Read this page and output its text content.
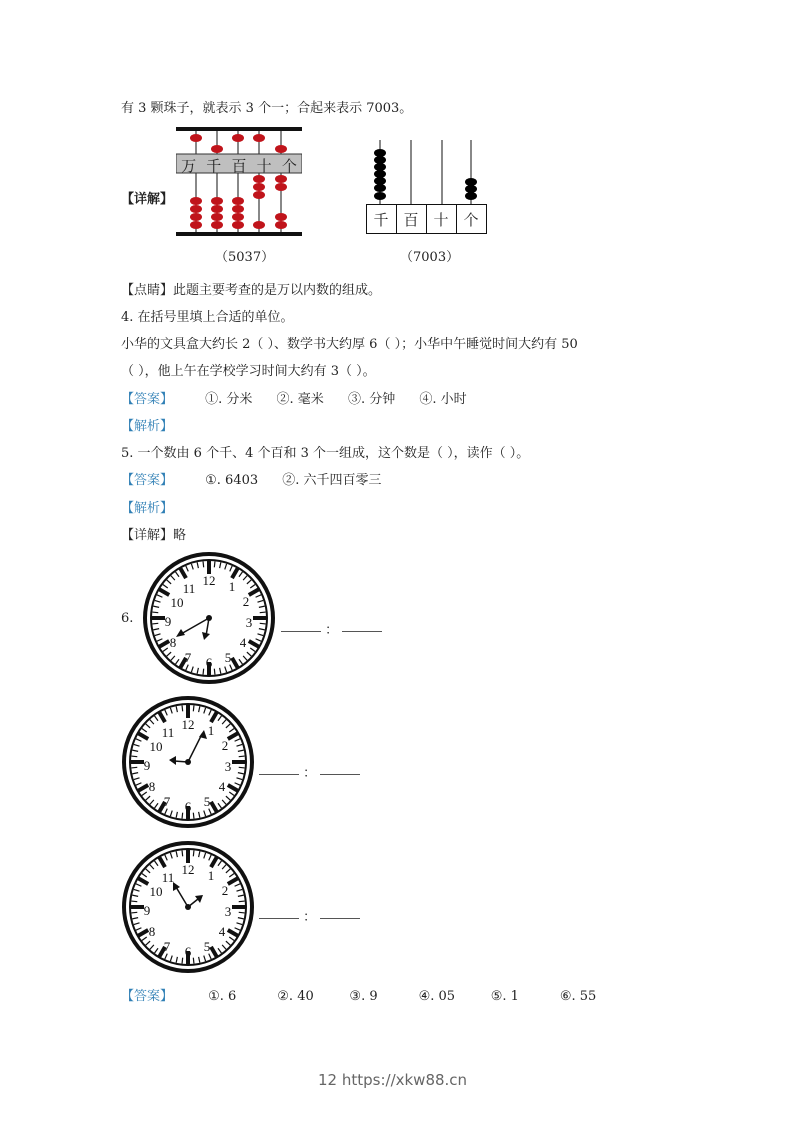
有 3 颗珠子，就表示 3 个一；合起来表示 7003。
【详解】
万 千 百 十 个
（5037）
千 百 十 个
（7003）
【点睛】此题主要考查的是万以内数的组成。
4. 在括号里填上合适的单位。
小华的文具盒大约长 2（ ）、数学书大约厚 6（ ）；小华中午睡觉时间大约有 50
（ ），他上午在学校学习时间大约有 3（ ）。
【答案】 ①. 分米 ②. 毫米 ③. 分钟 ④. 小时
【解析】
5. 一个数由 6 个千、4 个百和 3 个一组成，这个数是（ ），读作（ ）。
【答案】 ①. 6403 ②. 六千四百零三
【解析】
【详解】略
6.
：
：
：
【答案】	①. 6	②. 40	③. 9	④. 05	⑤. 1	⑥. 55
12 https://xkw88.cn
